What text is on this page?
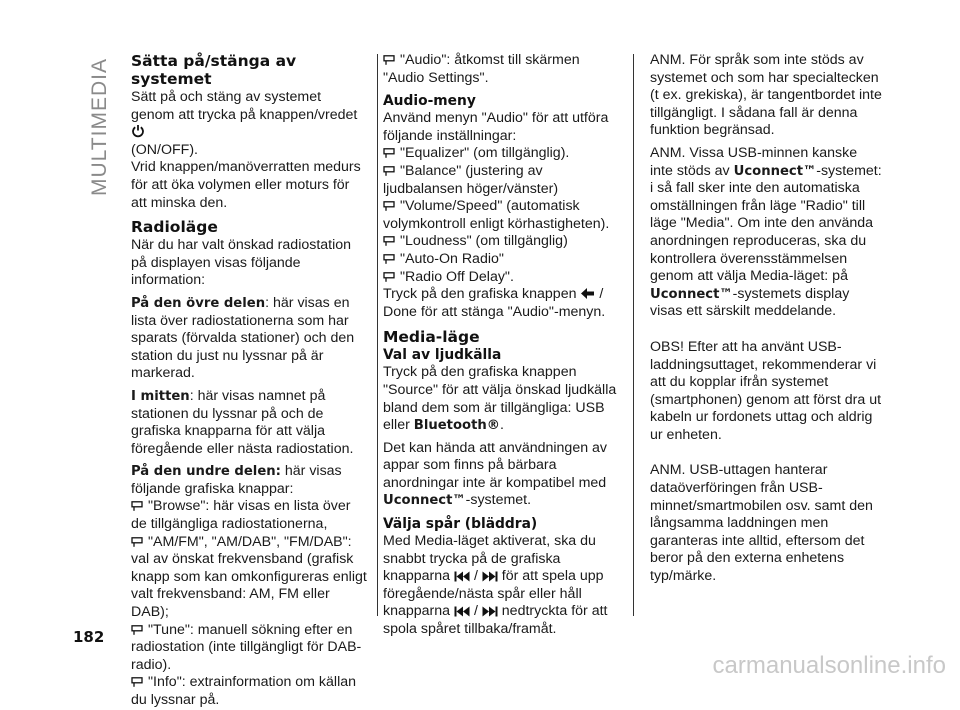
MULTIMEDIA
182
Sätta på/stänga av systemet

Sätt på och stäng av systemet genom att trycka på knappen/vredet

(ON/OFF).

Vrid knappen/manöverratten medurs för att öka volymen eller moturs för att minska den.

Radioläge

När du har valt önskad radiostation på displayen visas följande information:

På den övre delen: här visas en lista över radiostationerna som har sparats (förvalda stationer) och den station du just nu lyssnar på är markerad.

I mitten: här visas namnet på stationen du lyssnar på och de grafiska knapparna för att välja föregående eller nästa radiostation.

På den undre delen: här visas följande grafiska knappar:

"Browse": här visas en lista över de tillgängliga radiostationerna,

"AM/FM", "AM/DAB", "FM/DAB": val av önskat frekvensband (grafisk knapp som kan omkonfigureras enligt valt frekvensband: AM, FM eller DAB);

"Tune": manuell sökning efter en radiostation (inte tillgängligt för DAB-radio).

"Info": extrainformation om källan du lyssnar på.

"Audio": åtkomst till skärmen "Audio Settings".

Audio-meny

Använd menyn "Audio" för att utföra följande inställningar:

"Equalizer" (om tillgänglig).

"Balance" (justering av ljudbalansen höger/vänster)

"Volume/Speed" (automatisk volymkontroll enligt körhastigheten).

"Loudness" (om tillgänglig)

"Auto-On Radio"

"Radio Off Delay".

Tryck på den grafiska knappen / Done för att stänga "Audio"-menyn.

Media-läge
Val av ljudkälla

Tryck på den grafiska knappen "Source" för att välja önskad ljudkälla bland dem som är tillgängliga: USB eller Bluetooth®.

Det kan hända att användningen av appar som finns på bärbara anordningar inte är kompatibel med Uconnect™-systemet.

Välja spår (bläddra)

Med Media-läget aktiverat, ska du snabbt trycka på de grafiska knapparna  /  för att spela upp föregående/nästa spår eller håll knapparna  /  nedtryckta för att spola spåret tillbaka/framåt.

ANM. För språk som inte stöds av systemet och som har specialtecken (t ex. grekiska), är tangentbordet inte tillgängligt. I sådana fall är denna funktion begränsad.

ANM. Vissa USB-minnen kanske inte stöds av Uconnect™-systemet: i så fall sker inte den automatiska omställningen från läge "Radio" till läge "Media". Om inte den använda anordningen reproduceras, ska du kontrollera överensstämmelsen genom att välja Media-läget: på Uconnect™-systemets display visas ett särskilt meddelande.

OBS! Efter att ha använt USB-laddningsuttaget, rekommenderar vi att du kopplar ifrån systemet (smartphonen) genom att först dra ut kabeln ur fordonets uttag och aldrig ur enheten.

ANM. USB-uttagen hanterar dataöverföringen från USB-minnet/smartmobilen osv. samt den långsamma laddningen men garanteras inte alltid, eftersom det beror på den externa enhetens typ/märke.

carmanualsonline.info
